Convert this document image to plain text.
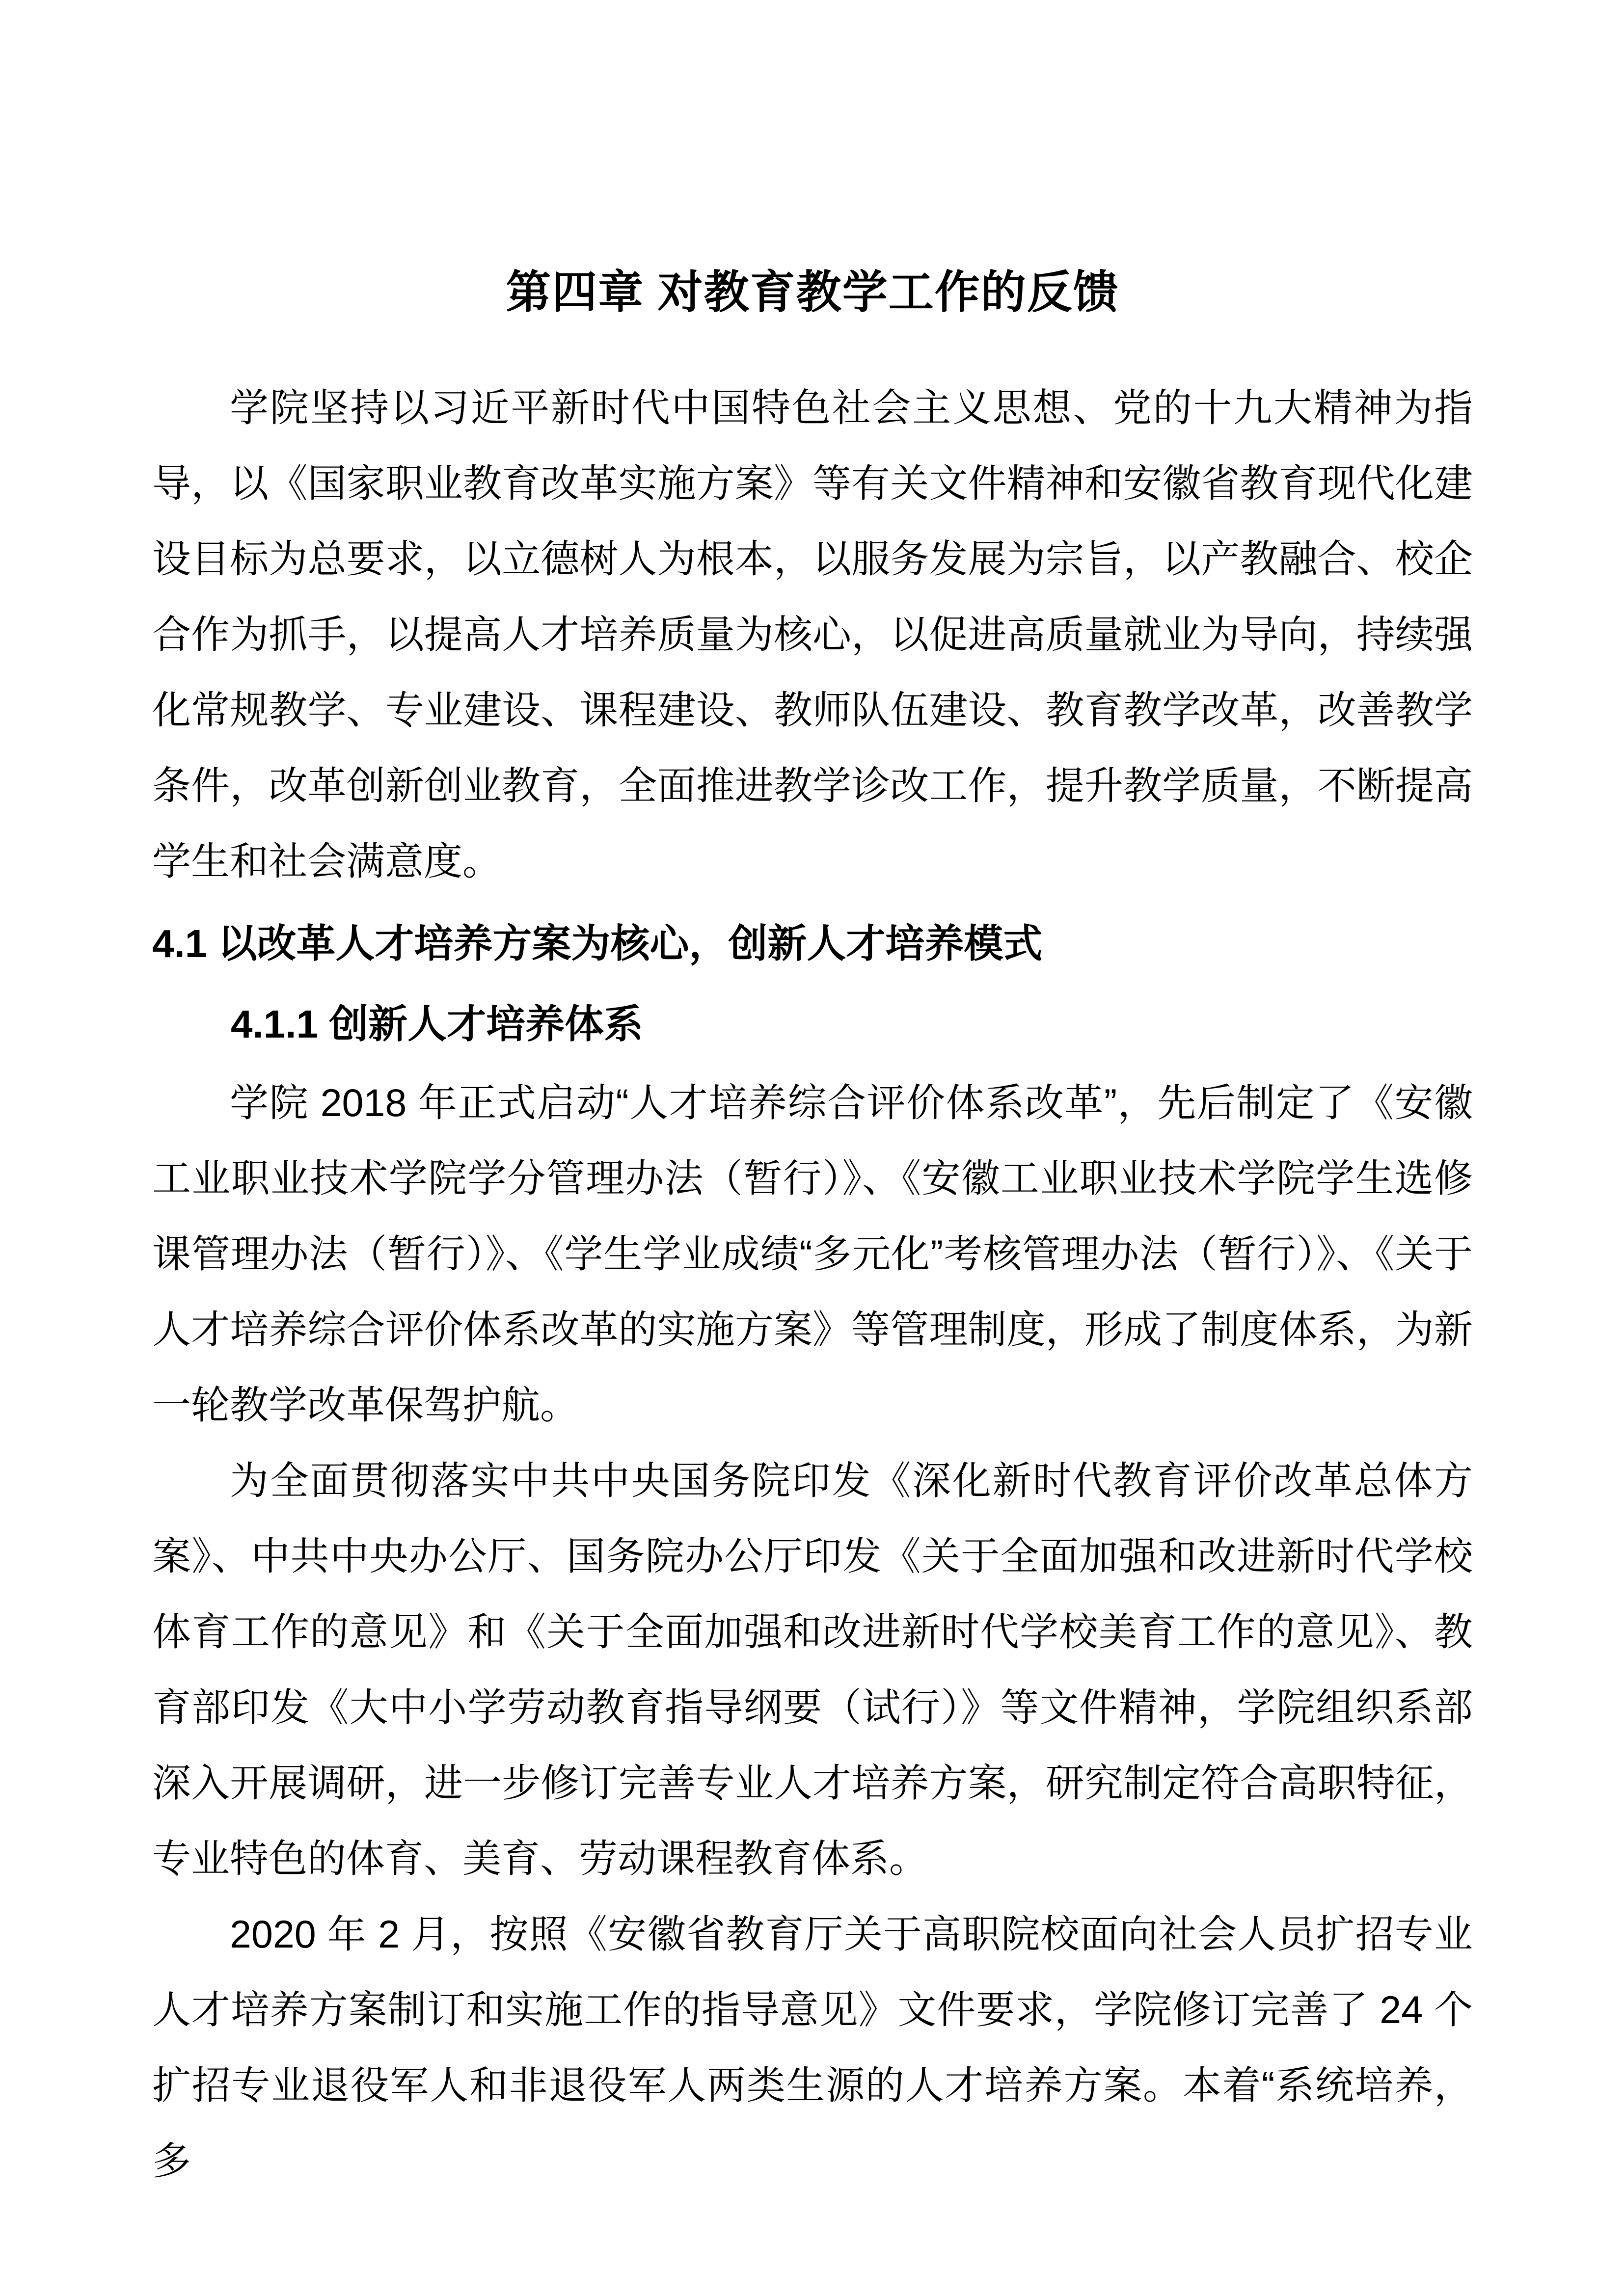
第四章 对教育教学工作的反馈

学院坚持以习近平新时代中国特色社会主义思想、党的十九大精神为指导，以《国家职业教育改革实施方案》等有关文件精神和安徽省教育现代化建设目标为总要求，以立德树人为根本，以服务发展为宗旨，以产教融合、校企合作为抓手，以提高人才培养质量为核心，以促进高质量就业为导向，持续强化常规教学、专业建设、课程建设、教师队伍建设、教育教学改革，改善教学条件，改革创新创业教育，全面推进教学诊改工作，提升教学质量，不断提高学生和社会满意度。

4.1 以改革人才培养方案为核心，创新人才培养模式
4.1.1 创新人才培养体系

学院 2018 年正式启动“人才培养综合评价体系改革”，先后制定了《安徽工业职业技术学院学分管理办法（暂行）》、《安徽工业职业技术学院学生选修课管理办法（暂行）》、《学生学业成绩“多元化”考核管理办法（暂行）》、《关于人才培养综合评价体系改革的实施方案》等管理制度，形成了制度体系，为新一轮教学改革保驾护航。

为全面贯彻落实中共中央国务院印发《深化新时代教育评价改革总体方案》、中共中央办公厅、国务院办公厅印发《关于全面加强和改进新时代学校体育工作的意见》和《关于全面加强和改进新时代学校美育工作的意见》、教育部印发《大中小学劳动教育指导纲要（试行）》等文件精神，学院组织系部深入开展调研，进一步修订完善专业人才培养方案，研究制定符合高职特征，专业特色的体育、美育、劳动课程教育体系。

2020 年 2 月，按照《安徽省教育厅关于高职院校面向社会人员扩招专业人才培养方案制订和实施工作的指导意见》文件要求，学院修订完善了 24 个扩招专业退役军人和非退役军人两类生源的人才培养方案。本着“系统培养，多
